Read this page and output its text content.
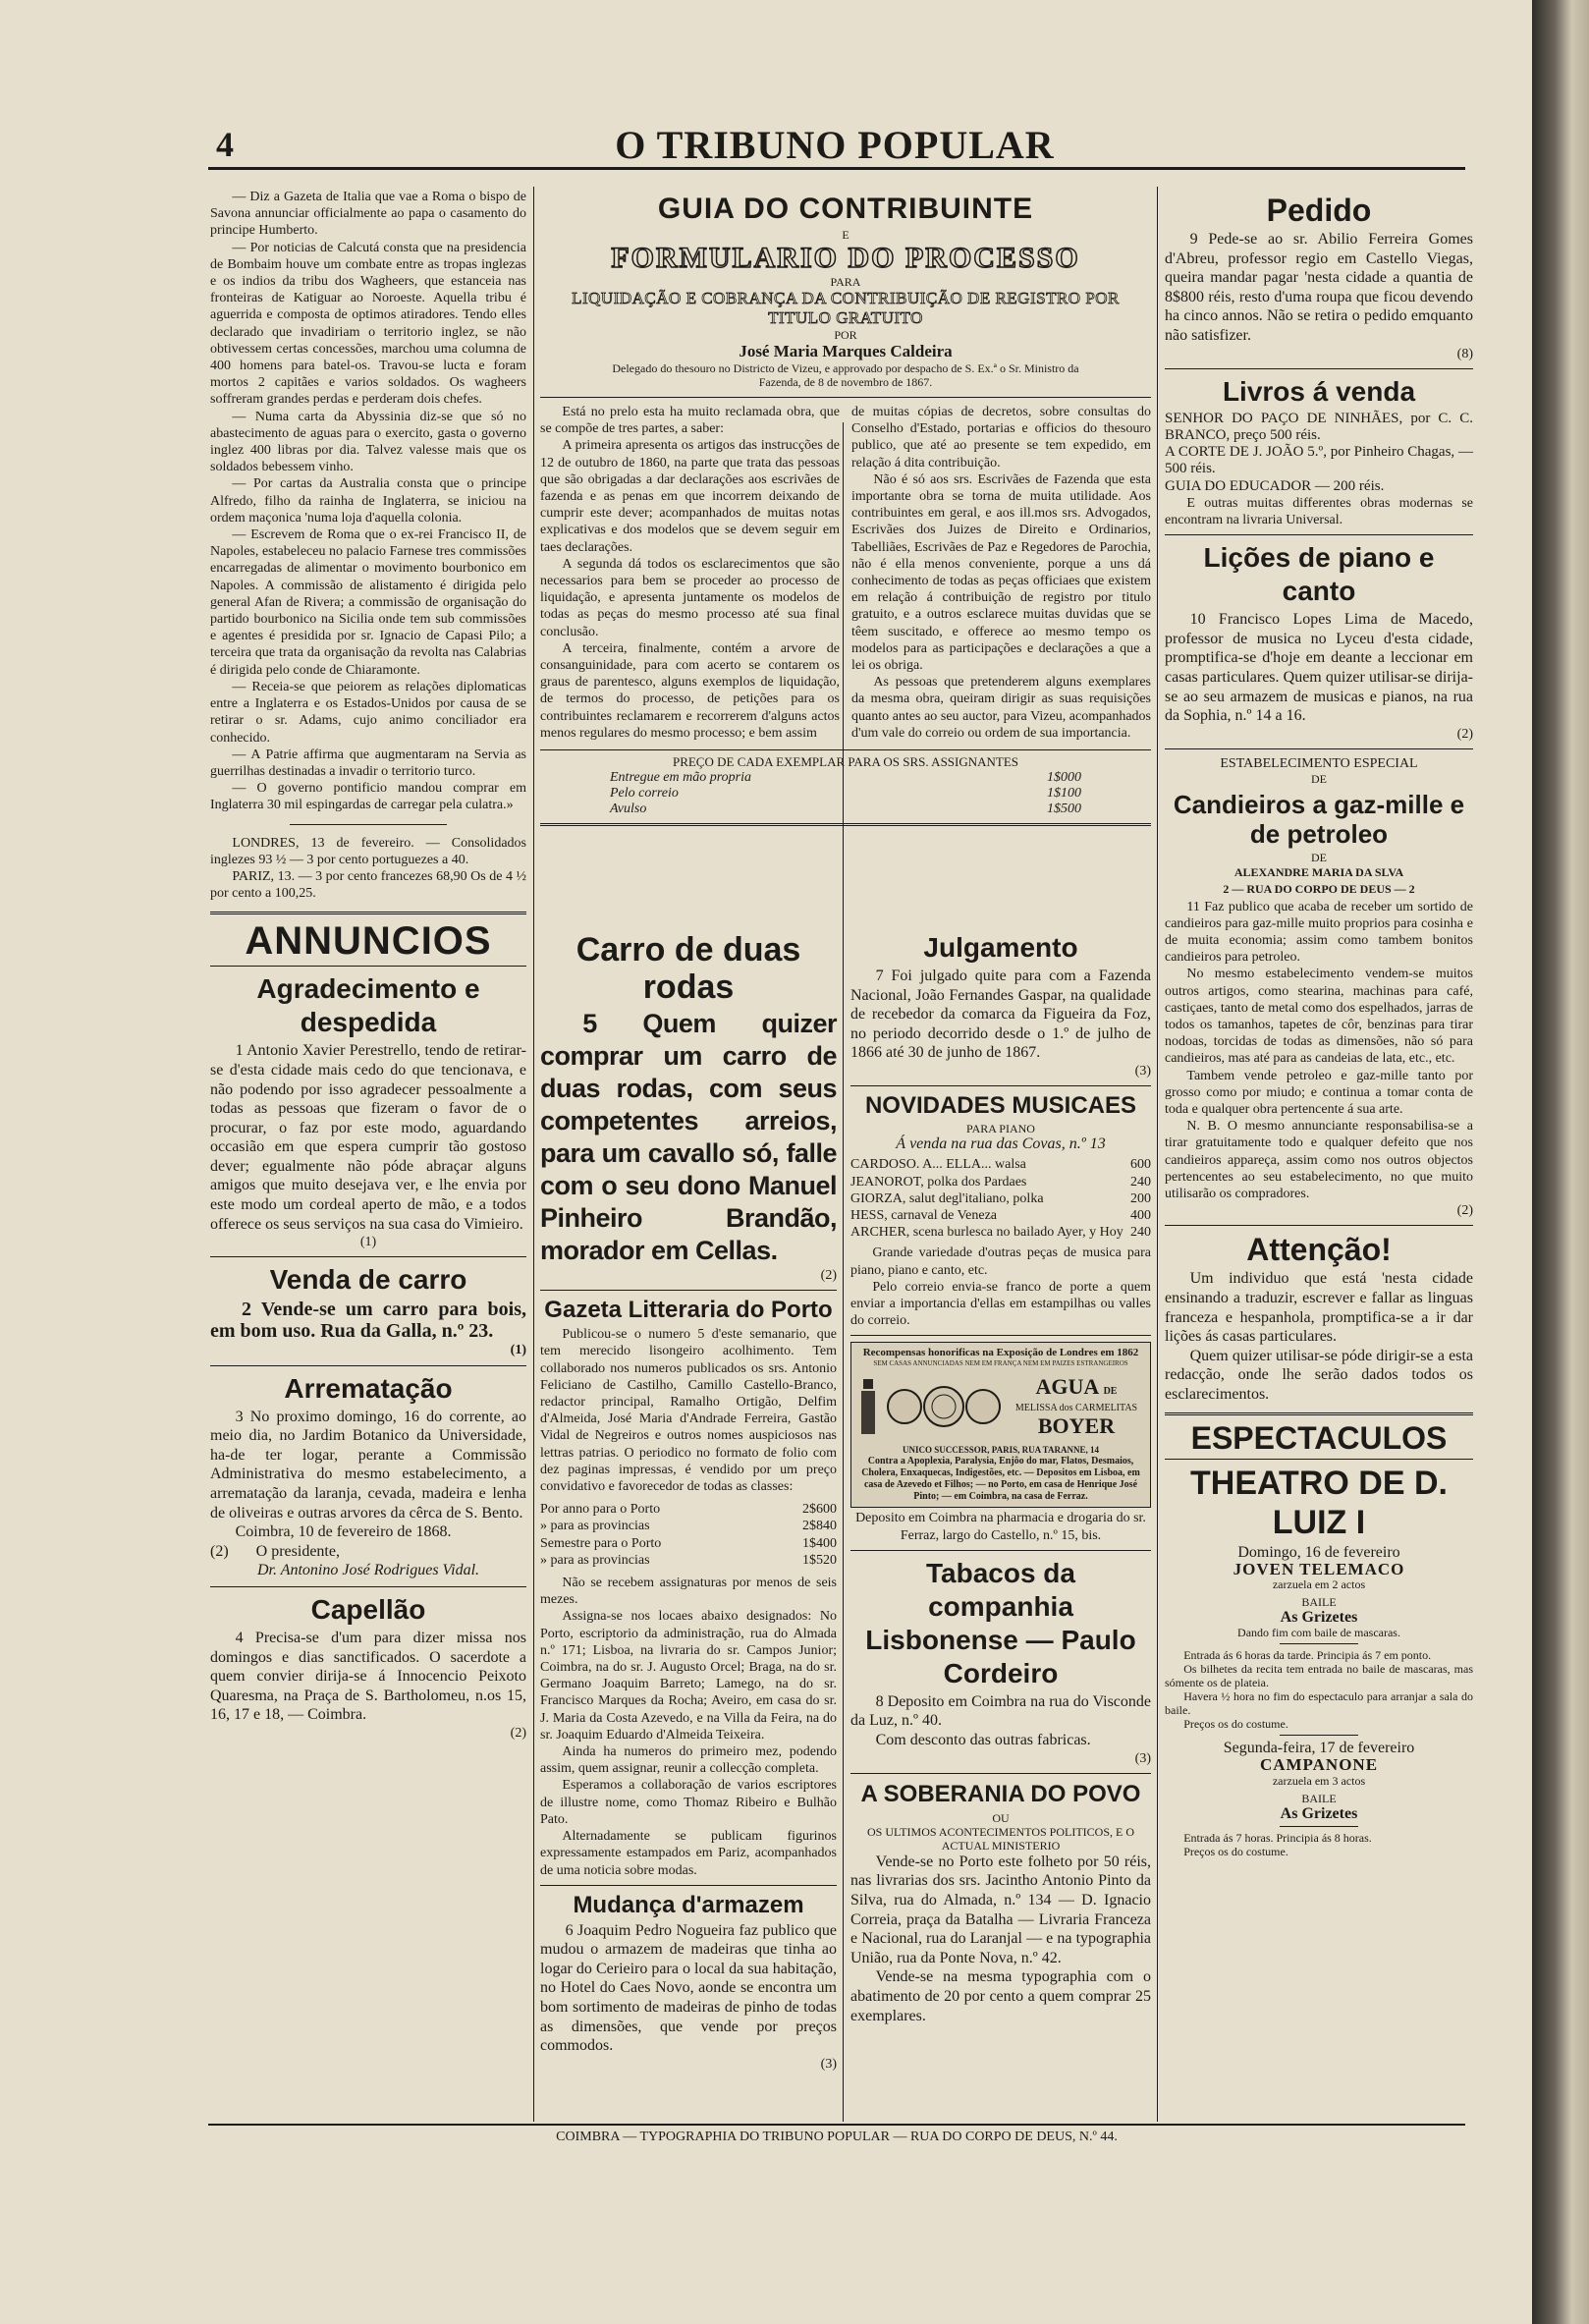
4	O TRIBUNO POPULAR

— Diz a Gazeta de Italia que vae a Roma o bispo de Savona annunciar officialmente ao papa o casamento do principe Humberto.

— Por noticias de Calcutá consta que na presidencia de Bombaim houve um combate entre as tropas inglezas e os indios da tribu dos Wagheers, que estanceia nas fronteiras de Katiguar ao Noroeste. Aquella tribu é aguerrida e composta de optimos atiradores. Tendo elles declarado que invadiriam o territorio inglez, se não obtivessem certas concessões, marchou uma columna de 400 homens para batel-os. Travou-se lucta e foram mortos 2 capitães e varios soldados. Os wagheers soffreram grandes perdas e perderam dois chefes.

— Numa carta da Abyssinia diz-se que só no abastecimento de aguas para o exercito, gasta o governo inglez 400 libras por dia. Talvez valesse mais que os soldados bebessem vinho.

— Por cartas da Australia consta que o principe Alfredo, filho da rainha de Inglaterra, se iniciou na ordem maçonica 'numa loja d'aquella colonia.

— Escrevem de Roma que o ex-rei Francisco II, de Napoles, estabeleceu no palacio Farnese tres commissões encarregadas de alimentar o movimento bourbonico em Napoles. A commissão de alistamento é dirigida pelo general Afan de Rivera; a commissão de organisação do partido bourbonico na Sicilia onde tem sub commissões e agentes é presidida por sr. Ignacio de Capasi Pilo; a terceira que trata da organisação da revolta nas Calabrias é dirigida pelo conde de Chiaramonte.

— Receia-se que peiorem as relações diplomaticas entre a Inglaterra e os Estados-Unidos por causa de se retirar o sr. Adams, cujo animo conciliador era conhecido.

— A Patrie affirma que augmentaram na Servia as guerrilhas destinadas a invadir o territorio turco.

— O governo pontificio mandou comprar em Inglaterra 30 mil espingardas de carregar pela culatra.»

LONDRES, 13 de fevereiro. — Consolidados inglezes 93 ½ — 3 por cento portuguezes a 40.

PARIZ, 13. — 3 por cento francezes 68,90 Os de 4 ½ por cento a 100,25.

ANNUNCIOS
Agradecimento e despedida

1 Antonio Xavier Perestrello, tendo de retirar-se d'esta cidade mais cedo do que tencionava, e não podendo por isso agradecer pessoalmente a todas as pessoas que fizeram o favor de o procurar, o faz por este modo, aguardando occasião em que espera cumprir tão gostoso dever; egualmente não póde abraçar alguns amigos que muito desejava ver, e lhe envia por este modo um cordeal aperto de mão, e a todos offerece os seus serviços na sua casa do Vimieiro.

(1)
Venda de carro

2 Vende-se um carro para bois, em bom uso. Rua da Galla, n.º 23.

(1)
Arrematação

3 No proximo domingo, 16 do corrente, ao meio dia, no Jardim Botanico da Universidade, ha-de ter logar, perante a Commissão Administrativa do mesmo estabelecimento, a arrematação da laranja, cevada, madeira e lenha de oliveiras e outras arvores da cêrca de S. Bento.

Coimbra, 10 de fevereiro de 1868.

(2) O presidente,
Dr. Antonino José Rodrigues Vidal.
Capellão

4 Precisa-se d'um para dizer missa nos domingos e dias sanctificados. O sacerdote a quem convier dirija-se á Innocencio Peixoto Quaresma, na Praça de S. Bartholomeu, n.os 15, 16, 17 e 18, — Coimbra.

(2)
GUIA DO CONTRIBUINTE
E
FORMULARIO DO PROCESSO
PARA
LIQUIDAÇÃO E COBRANÇA DA CONTRIBUIÇÃO DE REGISTRO POR TITULO GRATUITO
POR
José Maria Marques Caldeira
Delegado do thesouro no Districto de Vizeu, e approvado por despacho de S. Ex.ª o Sr. Ministro da Fazenda, de 8 de novembro de 1867.

Está no prelo esta ha muito reclamada obra, que se compõe de tres partes, a saber:

A primeira apresenta os artigos das instrucções de 12 de outubro de 1860, na parte que trata das pessoas que são obrigadas a dar declarações aos escrivães de fazenda e as penas em que incorrem deixando de cumprir este dever; acompanhados de muitas notas explicativas e dos modelos que se devem seguir em taes declarações.

A segunda dá todos os esclarecimentos que são necessarios para bem se proceder ao processo de liquidação, e apresenta juntamente os modelos de todas as peças do mesmo processo até sua final conclusão.

A terceira, finalmente, contém a arvore de consanguinidade, para com acerto se contarem os graus de parentesco, alguns exemplos de liquidação, de termos do processo, de petições para os contribuintes reclamarem e recorrerem d'alguns actos menos regulares do mesmo processo; e bem assim

de muitas cópias de decretos, sobre consultas do Conselho d'Estado, portarias e officios do thesouro publico, que até ao presente se tem expedido, em relação á dita contribuição.

Não é só aos srs. Escrivães de Fazenda que esta importante obra se torna de muita utilidade. Aos contribuintes em geral, e aos ill.mos srs. Advogados, Escrivães dos Juizes de Direito e Ordinarios, Tabelliães, Escrivães de Paz e Regedores de Parochia, não é ella menos conveniente, porque a uns dá conhecimento de todas as peças officiaes que existem em relação á contribuição de registro por titulo gratuito, e a outros esclarece muitas duvidas que se têem suscitado, e offerece ao mesmo tempo os modelos para as participações e declarações a que a lei os obriga.

As pessoas que pretenderem alguns exemplares da mesma obra, queiram dirigir as suas requisições quanto antes ao seu auctor, para Vizeu, acompanhados d'um vale do correio ou ordem de sua importancia.

PREÇO DE CADA EXEMPLAR PARA OS SRS. ASSIGNANTES
Entregue em mão propria	1$000
Pelo correio	1$100
Avulso	1$500
Carro de duas rodas

5 Quem quizer comprar um carro de duas rodas, com seus competentes arreios, para um cavallo só, falle com o seu dono Manuel Pinheiro Brandão, morador em Cellas.

(2)
Gazeta Litteraria do Porto

Publicou-se o numero 5 d'este semanario, que tem merecido lisongeiro acolhimento. Tem collaborado nos numeros publicados os srs. Antonio Feliciano de Castilho, Camillo Castello-Branco, redactor principal, Ramalho Ortigão, Delfim d'Almeida, José Maria d'Andrade Ferreira, Gastão Vidal de Negreiros e outros nomes auspiciosos nas lettras patrias. O periodico no formato de folio com dez paginas impressas, é vendido por um preço convidativo e favorecedor de todas as classes:

Por anno para o Porto	2$600
» para as provincias	2$840
Semestre para o Porto	1$400
» para as provincias	1$520

Não se recebem assignaturas por menos de seis mezes.

Assigna-se nos locaes abaixo designados: No Porto, escriptorio da administração, rua do Almada n.º 171; Lisboa, na livraria do sr. Campos Junior; Coimbra, na do sr. J. Augusto Orcel; Braga, na do sr. Germano Joaquim Barreto; Lamego, na do sr. Francisco Marques da Rocha; Aveiro, em casa do sr. J. Maria da Costa Azevedo, e na Villa da Feira, na do sr. Joaquim Eduardo d'Almeida Teixeira.

Ainda ha numeros do primeiro mez, podendo assim, quem assignar, reunir a collecção completa.

Esperamos a collaboração de varios escriptores de illustre nome, como Thomaz Ribeiro e Bulhão Pato.

Alternadamente se publicam figurinos expressamente estampados em Pariz, acompanhados de uma noticia sobre modas.

Mudança d'armazem

6 Joaquim Pedro Nogueira faz publico que mudou o armazem de madeiras que tinha ao logar do Cerieiro para o local da sua habitação, no Hotel do Caes Novo, aonde se encontra um bom sortimento de madeiras de pinho de todas as dimensões, que vende por preços commodos.

(3)
Julgamento

7 Foi julgado quite para com a Fazenda Nacional, João Fernandes Gaspar, na qualidade de recebedor da comarca da Figueira da Foz, no periodo decorrido desde o 1.º de julho de 1866 até 30 de junho de 1867.

(3)
NOVIDADES MUSICAES
PARA PIANO
Á venda na rua das Covas, n.º 13
CARDOSO. A... ELLA... walsa	600
JEANOROT, polka dos Pardaes	240
GIORZA, salut degl'italiano, polka	200
HESS, carnaval de Veneza	400
ARCHER, scena burlesca no bailado Ayer, y Hoy	240

Grande variedade d'outras peças de musica para piano, piano e canto, etc.

Pelo correio envia-se franco de porte a quem enviar a importancia d'ellas em estampilhas ou valles do correio.

Recompensas honorificas na Exposição de Londres em 1862
SEM CASAS ANNUNCIADAS NEM EM FRANÇA NEM EM PAIZES ESTRANGEIROS
AGUA DE
MELISSA dos CARMELITAS
BOYER
UNICO SUCCESSOR, PARIS, RUA TARANNE, 14
Contra a Apoplexia, Paralysia, Enjôo do mar, Flatos, Desmaios, Cholera, Enxaquecas, Indigestões, etc. — Depositos em Lisboa, em casa de Azevedo et Filhos; — no Porto, em casa de Henrique José Pinto; — em Coimbra, na casa de Ferraz.

Deposito em Coimbra na pharmacia e drogaria do sr. Ferraz, largo do Castello, n.º 15, bis.

Tabacos da companhia Lisbonense — Paulo Cordeiro

8 Deposito em Coimbra na rua do Visconde da Luz, n.º 40.

Com desconto das outras fabricas.

(3)
A SOBERANIA DO POVO
OU
OS ULTIMOS ACONTECIMENTOS POLITICOS, E O ACTUAL MINISTERIO

Vende-se no Porto este folheto por 50 réis, nas livrarias dos srs. Jacintho Antonio Pinto da Silva, rua do Almada, n.º 134 — D. Ignacio Correia, praça da Batalha — Livraria Franceza e Nacional, rua do Laranjal — e na typographia União, rua da Ponte Nova, n.º 42.

Vende-se na mesma typographia com o abatimento de 20 por cento a quem comprar 25 exemplares.

Pedido

9 Pede-se ao sr. Abilio Ferreira Gomes d'Abreu, professor regio em Castello Viegas, queira mandar pagar 'nesta cidade a quantia de 8$800 réis, resto d'uma roupa que ficou devendo ha cinco annos. Não se retira o pedido emquanto não satisfizer.

(8)
Livros á venda

SENHOR DO PAÇO DE NINHÃES, por C. C. BRANCO, preço 500 réis.

A CORTE DE J. JOÃO 5.º, por Pinheiro Chagas, — 500 réis.

GUIA DO EDUCADOR — 200 réis.

E outras muitas differentes obras modernas se encontram na livraria Universal.

Lições de piano e canto

10 Francisco Lopes Lima de Macedo, professor de musica no Lyceu d'esta cidade, promptifica-se d'hoje em deante a leccionar em casas particulares. Quem quizer utilisar-se dirija-se ao seu armazem de musicas e pianos, na rua da Sophia, n.º 14 a 16.

(2)
ESTABELECIMENTO ESPECIAL
DE
Candieiros a gaz-mille e de petroleo
DE
ALEXANDRE MARIA DA SLVA
2 — RUA DO CORPO DE DEUS — 2

11 Faz publico que acaba de receber um sortido de candieiros para gaz-mille muito proprios para cosinha e de muita economia; assim como tambem bonitos candieiros para petroleo.

No mesmo estabelecimento vendem-se muitos outros artigos, como stearina, machinas para café, castiçaes, tanto de metal como dos espelhados, jarras de todos os tamanhos, tapetes de côr, benzinas para tirar nodoas, torcidas de todas as dimensões, não só para candieiros, mas até para as candeias de lata, etc., etc.

Tambem vende petroleo e gaz-mille tanto por grosso como por miudo; e continua a tomar conta de toda e qualquer obra pertencente á sua arte.

N. B. O mesmo annunciante responsabilisa-se a tirar gratuitamente todo e qualquer defeito que nos candieiros appareça, assim como nos outros objectos pertencentes ao seu estabelecimento, no que muito utilisarão os compradores.

(2)
Attenção!

Um individuo que está 'nesta cidade ensinando a traduzir, escrever e fallar as linguas franceza e hespanhola, promptifica-se a ir dar lições ás casas particulares.

Quem quizer utilisar-se póde dirigir-se a esta redacção, onde lhe serão dados todos os esclarecimentos.

ESPECTACULOS
THEATRO DE D. LUIZ I
Domingo, 16 de fevereiro
JOVEN TELEMACO
zarzuela em 2 actos
BAILE
As Grizetes
Dando fim com baile de mascaras.

Entrada ás 6 horas da tarde. Principia ás 7 em ponto.

Os bilhetes da recita tem entrada no baile de mascaras, mas sómente os de plateia.

Havera ½ hora no fim do espectaculo para arranjar a sala do baile.

Preços os do costume.

Segunda-feira, 17 de fevereiro
CAMPANONE
zarzuela em 3 actos
BAILE
As Grizetes

Entrada ás 7 horas. Principia ás 8 horas.

Preços os do costume.

COIMBRA — TYPOGRAPHIA DO TRIBUNO POPULAR — RUA DO CORPO DE DEUS, N.º 44.
